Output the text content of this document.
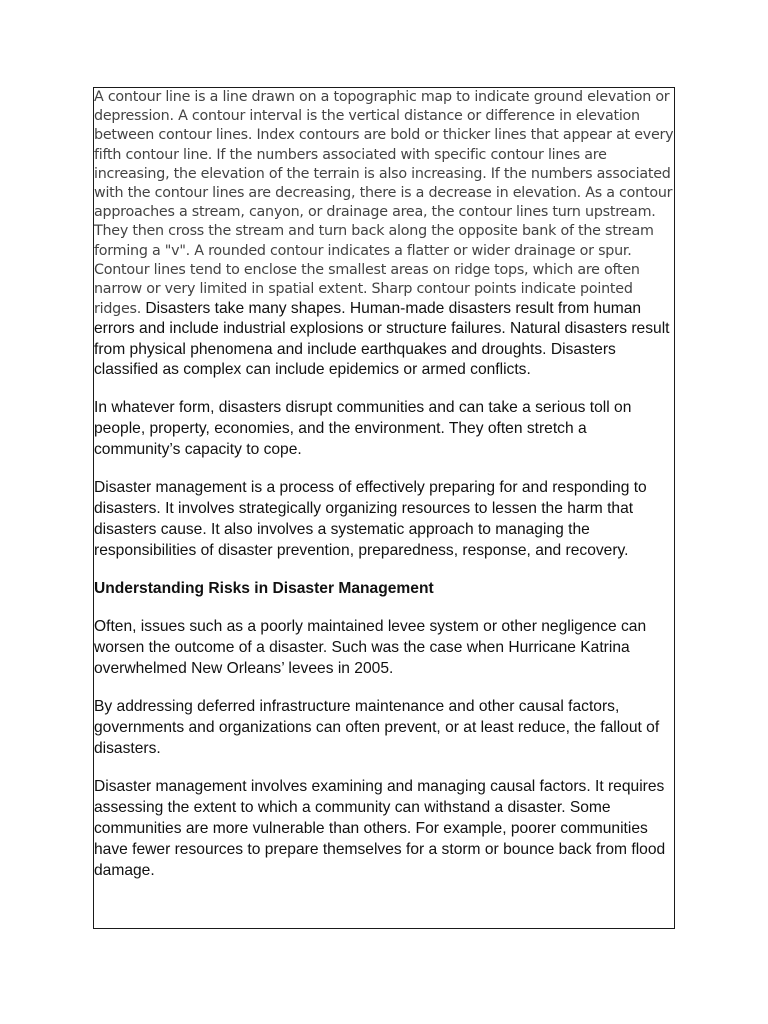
A contour line is a line drawn on a topographic map to indicate ground elevation or depression. A contour interval is the vertical distance or difference in elevation between contour lines. Index contours are bold or thicker lines that appear at every fifth contour line. If the numbers associated with specific contour lines are increasing, the elevation of the terrain is also increasing. If the numbers associated with the contour lines are decreasing, there is a decrease in elevation. As a contour approaches a stream, canyon, or drainage area, the contour lines turn upstream. They then cross the stream and turn back along the opposite bank of the stream forming a "v". A rounded contour indicates a flatter or wider drainage or spur. Contour lines tend to enclose the smallest areas on ridge tops, which are often narrow or very limited in spatial extent. Sharp contour points indicate pointed ridges. Disasters take many shapes. Human-made disasters result from human errors and include industrial explosions or structure failures. Natural disasters result from physical phenomena and include earthquakes and droughts. Disasters classified as complex can include epidemics or armed conflicts.

In whatever form, disasters disrupt communities and can take a serious toll on people, property, economies, and the environment. They often stretch a community’s capacity to cope.

Disaster management is a process of effectively preparing for and responding to disasters. It involves strategically organizing resources to lessen the harm that disasters cause. It also involves a systematic approach to managing the responsibilities of disaster prevention, preparedness, response, and recovery.

Understanding Risks in Disaster Management

Often, issues such as a poorly maintained levee system or other negligence can worsen the outcome of a disaster. Such was the case when Hurricane Katrina overwhelmed New Orleans’ levees in 2005.

By addressing deferred infrastructure maintenance and other causal factors, governments and organizations can often prevent, or at least reduce, the fallout of disasters.

Disaster management involves examining and managing causal factors. It requires assessing the extent to which a community can withstand a disaster. Some communities are more vulnerable than others. For example, poorer communities have fewer resources to prepare themselves for a storm or bounce back from flood damage.
